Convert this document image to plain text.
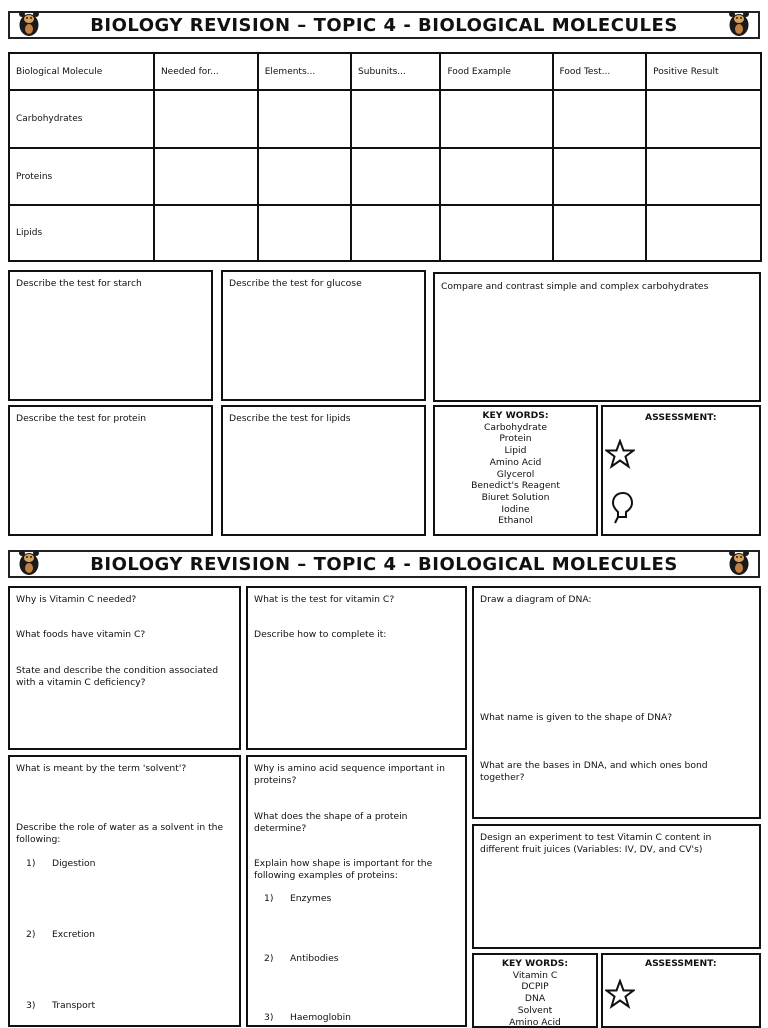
BIOLOGY REVISION – TOPIC 4 - BIOLOGICAL MOLECULES
Biological Molecule	Needed for...	Elements...	Subunits...	Food Example	Food Test...	Positive Result
Carbohydrates						
Proteins						
Lipids						
Describe the test for starch	Describe the test for glucose	Compare and contrast simple and complex carbohydrates
Describe the test for protein	Describe the test for lipids	KEY WORDS:
Carbohydrate
Protein
Lipid
Amino Acid
Glycerol
Benedict's Reagent
Biuret Solution
Iodine
Ethanol
ASSESSMENT:
BIOLOGY REVISION – TOPIC 4 - BIOLOGICAL MOLECULES
Why is Vitamin C needed?
What foods have vitamin C?
State and describe the condition associated with a vitamin C deficiency?
What is the test for vitamin C?
Describe how to complete it:
Draw a diagram of DNA:
What name is given to the shape of DNA?
What are the bases in DNA, and which ones bond together?
What is meant by the term 'solvent'?
Describe the role of water as a solvent in the following:
1) Digestion
2) Excretion
3) Transport
Why is amino acid sequence important in proteins?
What does the shape of a protein determine?
Explain how shape is important for the following examples of proteins:
1) Enzymes
2) Antibodies
3) Haemoglobin
Design an experiment to test Vitamin C content in different fruit juices (Variables: IV, DV, and CV's)
KEY WORDS:
Vitamin C
DCPIP
DNA
Solvent
Amino Acid
ASSESSMENT:
